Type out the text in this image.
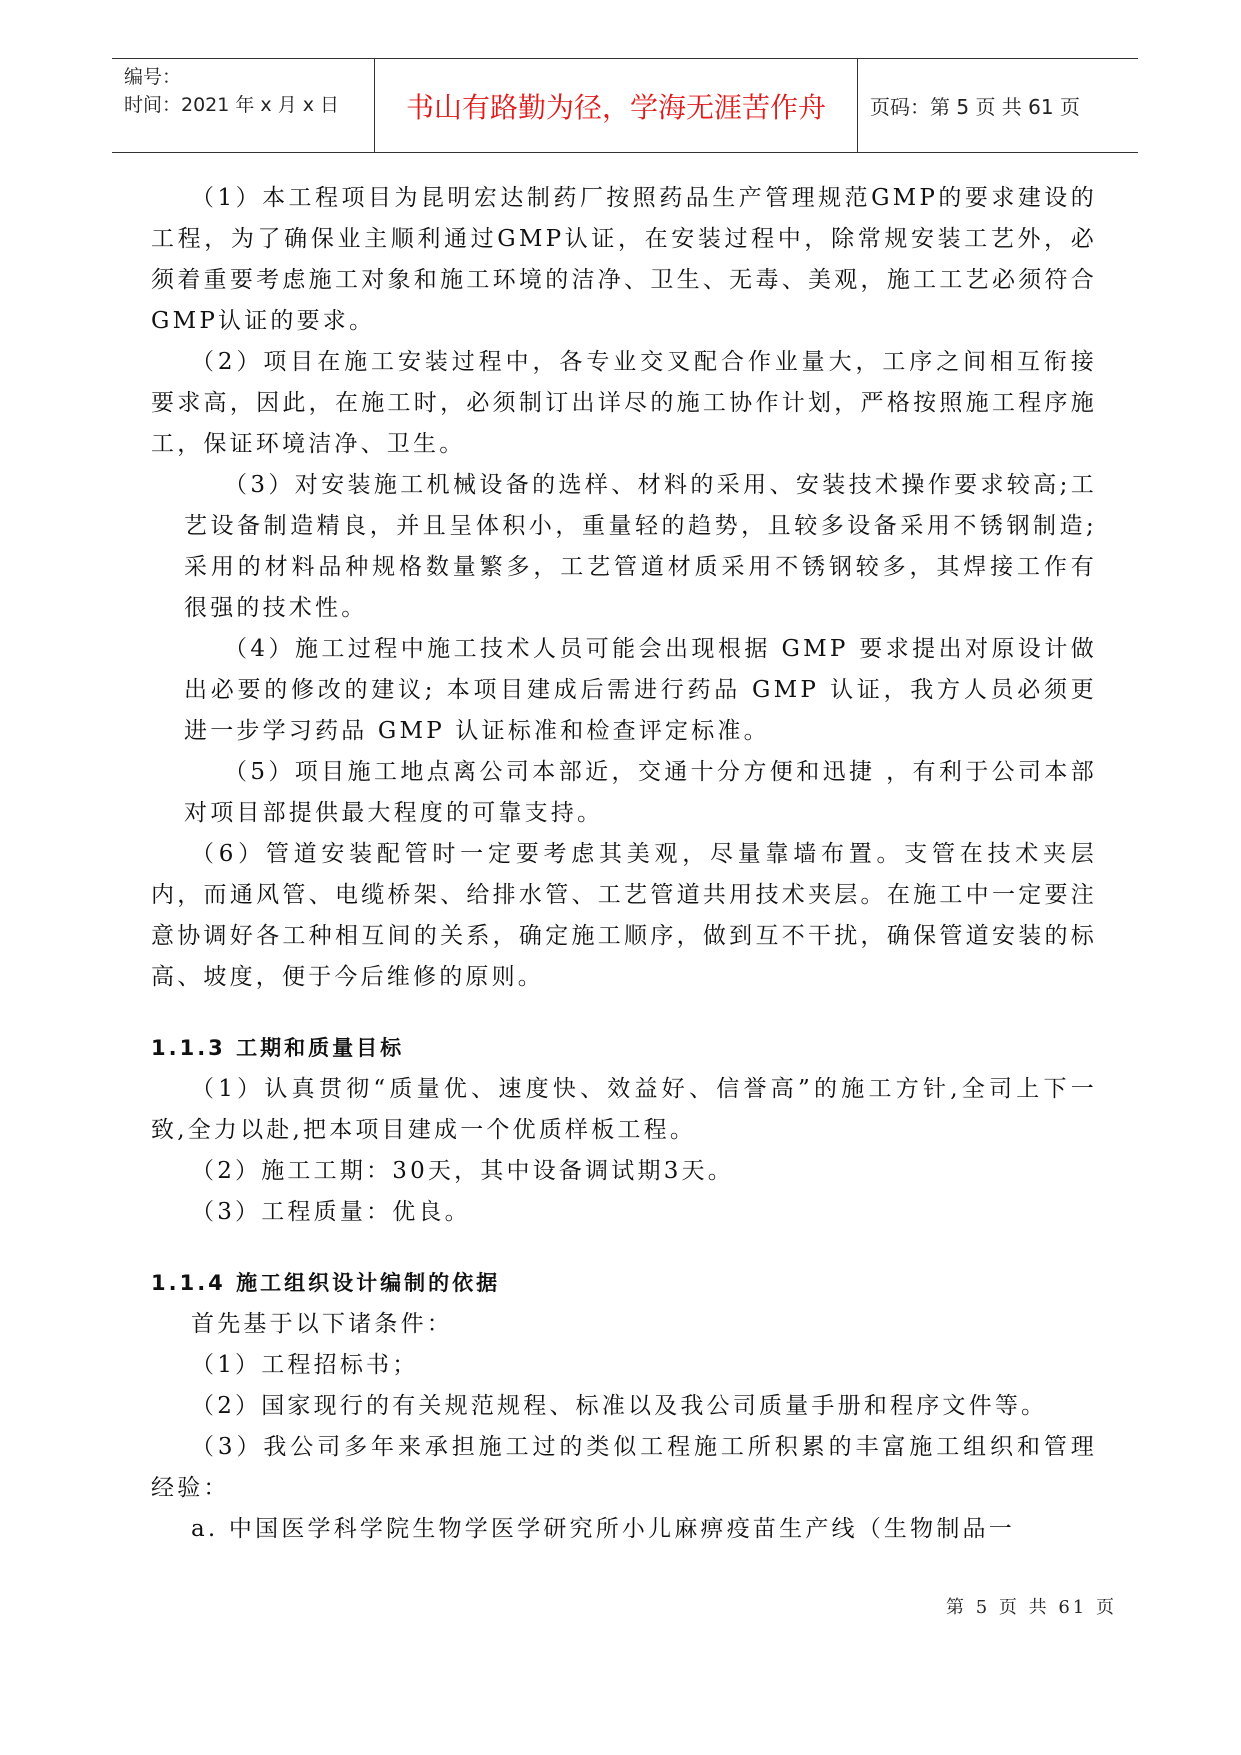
编号：
时间：2021 年 x 月 x 日	书山有路勤为径，学海无涯苦作舟	页码：第 5 页 共 61 页

（1）本工程项目为昆明宏达制药厂按照药品生产管理规范GMP的要求建设的工程，为了确保业主顺利通过GMP认证，在安装过程中，除常规安装工艺外，必须着重要考虑施工对象和施工环境的洁净、卫生、无毒、美观，施工工艺必须符合GMP认证的要求。

（2）项目在施工安装过程中，各专业交叉配合作业量大，工序之间相互衔接要求高，因此，在施工时，必须制订出详尽的施工协作计划，严格按照施工程序施工，保证环境洁净、卫生。

（3）对安装施工机械设备的选样、材料的采用、安装技术操作要求较高;工艺设备制造精良，并且呈体积小，重量轻的趋势，且较多设备采用不锈钢制造; 采用的材料品种规格数量繁多，工艺管道材质采用不锈钢较多，其焊接工作有很强的技术性。

（4）施工过程中施工技术人员可能会出现根据 GMP 要求提出对原设计做出必要的修改的建议; 本项目建成后需进行药品 GMP 认证，我方人员必须更进一步学习药品 GMP 认证标准和检查评定标准。

（5）项目施工地点离公司本部近，交通十分方便和迅捷 ，有利于公司本部对项目部提供最大程度的可靠支持。

（6）管道安装配管时一定要考虑其美观，尽量靠墙布置。支管在技术夹层内，而通风管、电缆桥架、给排水管、工艺管道共用技术夹层。在施工中一定要注意协调好各工种相互间的关系，确定施工顺序，做到互不干扰，确保管道安装的标高、坡度，便于今后维修的原则。

1.1.3 工期和质量目标

（1）认真贯彻“质量优、速度快、效益好、信誉高”的施工方针,全司上下一致,全力以赴,把本项目建成一个优质样板工程。

（2）施工工期：30天，其中设备调试期3天。

（3）工程质量：优良。

1.1.4 施工组织设计编制的依据

首先基于以下诸条件：

（1）工程招标书；

（2）国家现行的有关规范规程、标准以及我公司质量手册和程序文件等。

（3）我公司多年来承担施工过的类似工程施工所积累的丰富施工组织和管理经验：

a. 中国医学科学院生物学医学研究所小儿麻痹疫苗生产线（生物制品一

第 5 页 共 61 页
